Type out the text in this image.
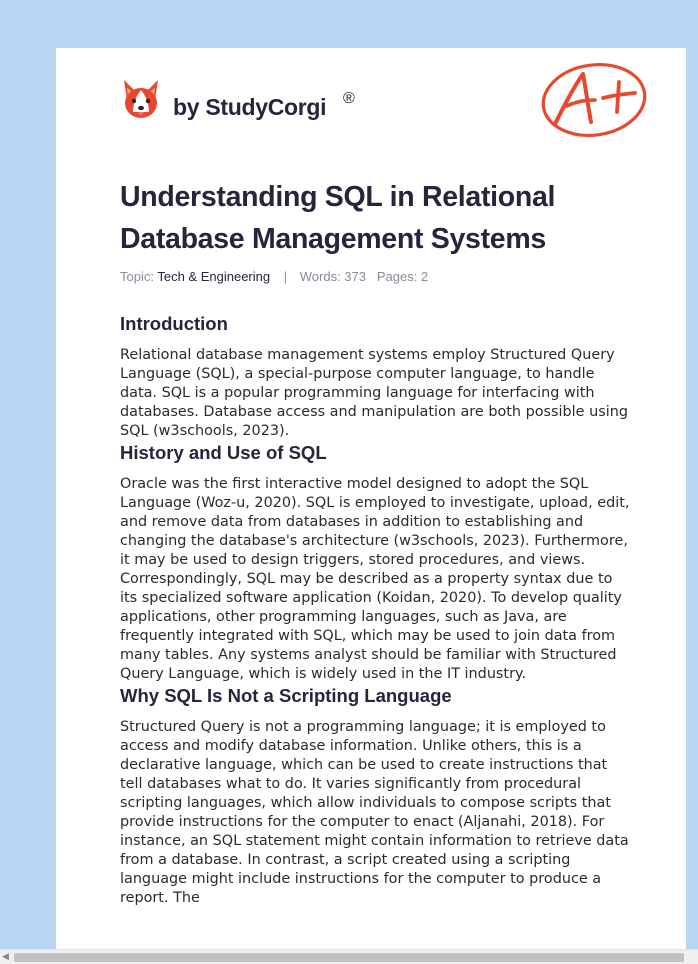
by StudyCorgi ®
Understanding SQL in Relational Database Management Systems
Topic: Tech & Engineering | Words: 373 Pages: 2
Introduction

Relational database management systems employ Structured Query Language (SQL), a special-purpose computer language, to handle data. SQL is a popular programming language for interfacing with databases. Database access and manipulation are both possible using SQL (w3schools, 2023).

History and Use of SQL

Oracle was the first interactive model designed to adopt the SQL Language (Woz-u, 2020). SQL is employed to investigate, upload, edit, and remove data from databases in addition to establishing and changing the database's architecture (w3schools, 2023). Furthermore, it may be used to design triggers, stored procedures, and views. Correspondingly, SQL may be described as a property syntax due to its specialized software application (Koidan, 2020). To develop quality applications, other programming languages, such as Java, are frequently integrated with SQL, which may be used to join data from many tables. Any systems analyst should be familiar with Structured Query Language, which is widely used in the IT industry.

Why SQL Is Not a Scripting Language

Structured Query is not a programming language; it is employed to access and modify database information. Unlike others, this is a declarative language, which can be used to create instructions that tell databases what to do. It varies significantly from procedural scripting languages, which allow individuals to compose scripts that provide instructions for the computer to enact (Aljanahi, 2018). For instance, an SQL statement might contain information to retrieve data from a database. In contrast, a script created using a scripting language might include instructions for the computer to produce a report. The

◀
